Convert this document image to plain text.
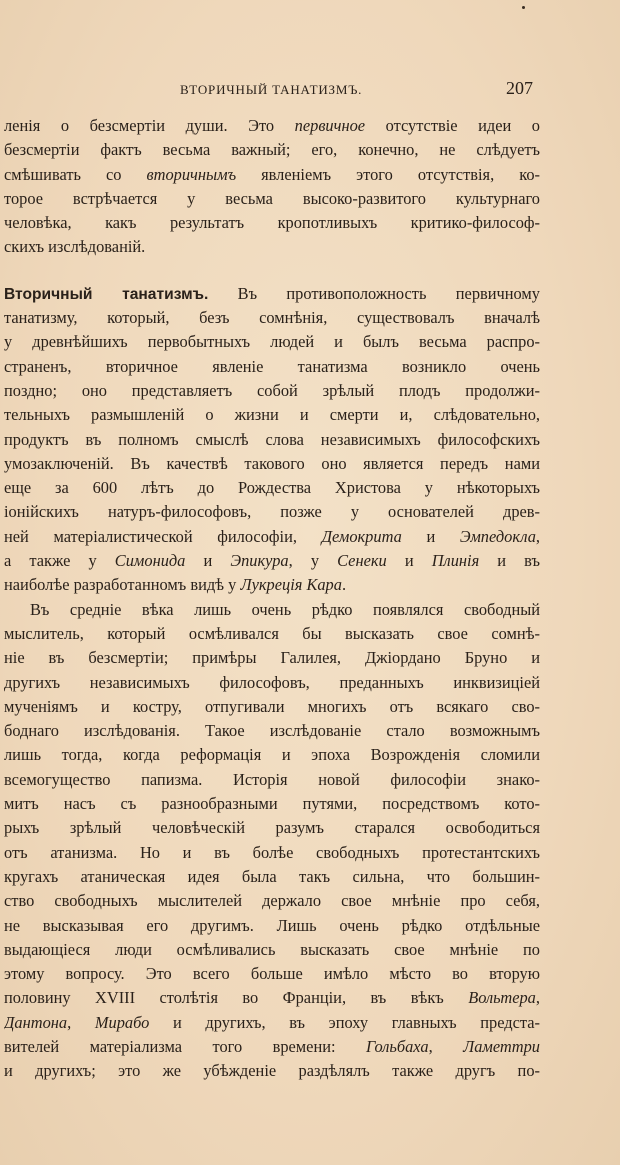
ВТОРИЧНЫЙ ТАНАТИЗМЪ.	207
ленія о безсмертіи души. Это первичное отсутствіе идеи о
безсмертіи фактъ весьма важный; его, конечно, не слѣдуетъ
смѣшивать со вторичнымъ явленіемъ этого отсутствія, ко-
торое встрѣчается у весьма высоко-развитого культурнаго
человѣка, какъ результатъ кропотливыхъ критико-философ-
скихъ изслѣдованій.
Вторичный танатизмъ. Въ противоположность первичному
танатизму, который, безъ сомнѣнія, существовалъ вначалѣ
у древнѣйшихъ первобытныхъ людей и былъ весьма распро-
страненъ, вторичное явленіе танатизма возникло очень
поздно; оно представляетъ собой зрѣлый плодъ продолжи-
тельныхъ размышленій о жизни и смерти и, слѣдовательно,
продуктъ въ полномъ смыслѣ слова независимыхъ философскихъ
умозаключеній. Въ качествѣ такового оно является передъ нами
еще за 600 лѣтъ до Рождества Христова у нѣкоторыхъ
іонійскихъ натуръ-философовъ, позже у основателей древ-
ней матеріалистической философіи, Демокрита и Эмпедокла,
а также у Симонида и Эпикура, у Сенеки и Плинія и въ
наиболѣе разработанномъ видѣ у Лукреція Кара.
Въ средніе вѣка лишь очень рѣдко появлялся свободный
мыслитель, который осмѣливался бы высказать свое сомнѣ-
ніе въ безсмертіи; примѣры Галилея, Джіордано Бруно и
другихъ независимыхъ философовъ, преданныхъ инквизиціей
мученіямъ и костру, отпугивали многихъ отъ всякаго сво-
боднаго изслѣдованія. Такое изслѣдованіе стало возможнымъ
лишь тогда, когда реформація и эпоха Возрожденія сломили
всемогущество папизма. Исторія новой философіи знако-
митъ насъ съ разнообразными путями, посредствомъ кото-
рыхъ зрѣлый человѣческій разумъ старался освободиться
отъ атанизма. Но и въ болѣе свободныхъ протестантскихъ
кругахъ атаническая идея была такъ сильна, что большин-
ство свободныхъ мыслителей держало свое мнѣніе про себя,
не высказывая его другимъ. Лишь очень рѣдко отдѣльные
выдающіеся люди осмѣливались высказать свое мнѣніе по
этому вопросу. Это всего больше имѣло мѣсто во вторую
половину XVIII столѣтія во Франціи, въ вѣкъ Вольтера,
Дантона, Мирабо и другихъ, въ эпоху главныхъ предста-
вителей матеріализма того времени: Гольбаха, Ламеттри
и другихъ; это же убѣжденіе раздѣлялъ также другъ по-
